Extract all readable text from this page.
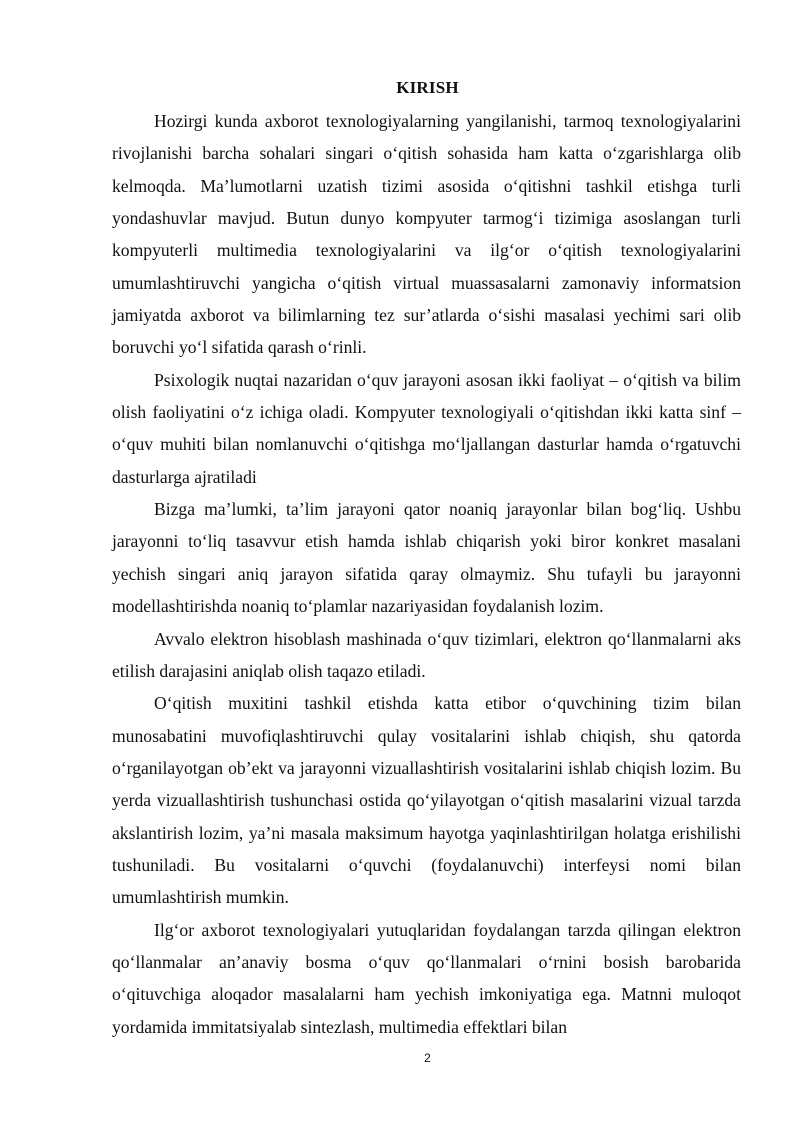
KIRISH

Hozirgi kunda axborot texnologiyalarning yangilanishi, tarmoq texnologiyalarini rivojlanishi barcha sohalari singari o‘qitish sohasida ham katta o‘zgarishlarga olib kelmoqda. Ma’lumotlarni uzatish tizimi asosida o‘qitishni tashkil etishga turli yondashuvlar mavjud. Butun dunyo kompyuter tarmog‘i tizimiga asoslangan turli kompyuterli multimedia texnologiyalarini va ilg‘or o‘qitish texnologiyalarini umumlashtiruvchi yangicha o‘qitish virtual muassasalarni zamonaviy informatsion jamiyatda axborot va bilimlarning tez sur’atlarda o‘sishi masalasi yechimi sari olib boruvchi yo‘l sifatida qarash o‘rinli.

Psixologik nuqtai nazaridan o‘quv jarayoni asosan ikki faoliyat – o‘qitish va bilim olish faoliyatini o‘z ichiga oladi. Kompyuter texnologiyali o‘qitishdan ikki katta sinf – o‘quv muhiti bilan nomlanuvchi o‘qitishga mo‘ljallangan dasturlar hamda o‘rgatuvchi dasturlarga ajratiladi

Bizga ma’lumki, ta’lim jarayoni qator noaniq jarayonlar bilan bog‘liq. Ushbu jarayonni to‘liq tasavvur etish hamda ishlab chiqarish yoki biror konkret masalani yechish singari aniq jarayon sifatida qaray olmaymiz. Shu tufayli bu jarayonni modellashtirishda noaniq to‘plamlar nazariyasidan foydalanish lozim.

Avvalo elektron hisoblash mashinada o‘quv tizimlari, elektron qo‘llanmalarni aks etilish darajasini aniqlab olish taqazo etiladi.

O‘qitish muxitini tashkil etishda katta etibor o‘quvchining tizim bilan munosabatini muvofiqlashtiruvchi qulay vositalarini ishlab chiqish, shu qatorda o‘rganilayotgan ob’ekt va jarayonni vizuallashtirish vositalarini ishlab chiqish lozim. Bu yerda vizuallashtirish tushunchasi ostida qo‘yilayotgan o‘qitish masalarini vizual tarzda akslantirish lozim, ya’ni masala maksimum hayotga yaqinlashtirilgan holatga erishilishi tushuniladi. Bu vositalarni o‘quvchi (foydalanuvchi) interfeysi nomi bilan umumlashtirish mumkin.

Ilg‘or axborot texnologiyalari yutuqlaridan foydalangan tarzda qilingan elektron qo‘llanmalar an’anaviy bosma o‘quv qo‘llanmalari o‘rnini bosish barobarida o‘qituvchiga aloqador masalalarni ham yechish imkoniyatiga ega. Matnni muloqot yordamida immitatsiyalab sintezlash, multimedia effektlari bilan

2
